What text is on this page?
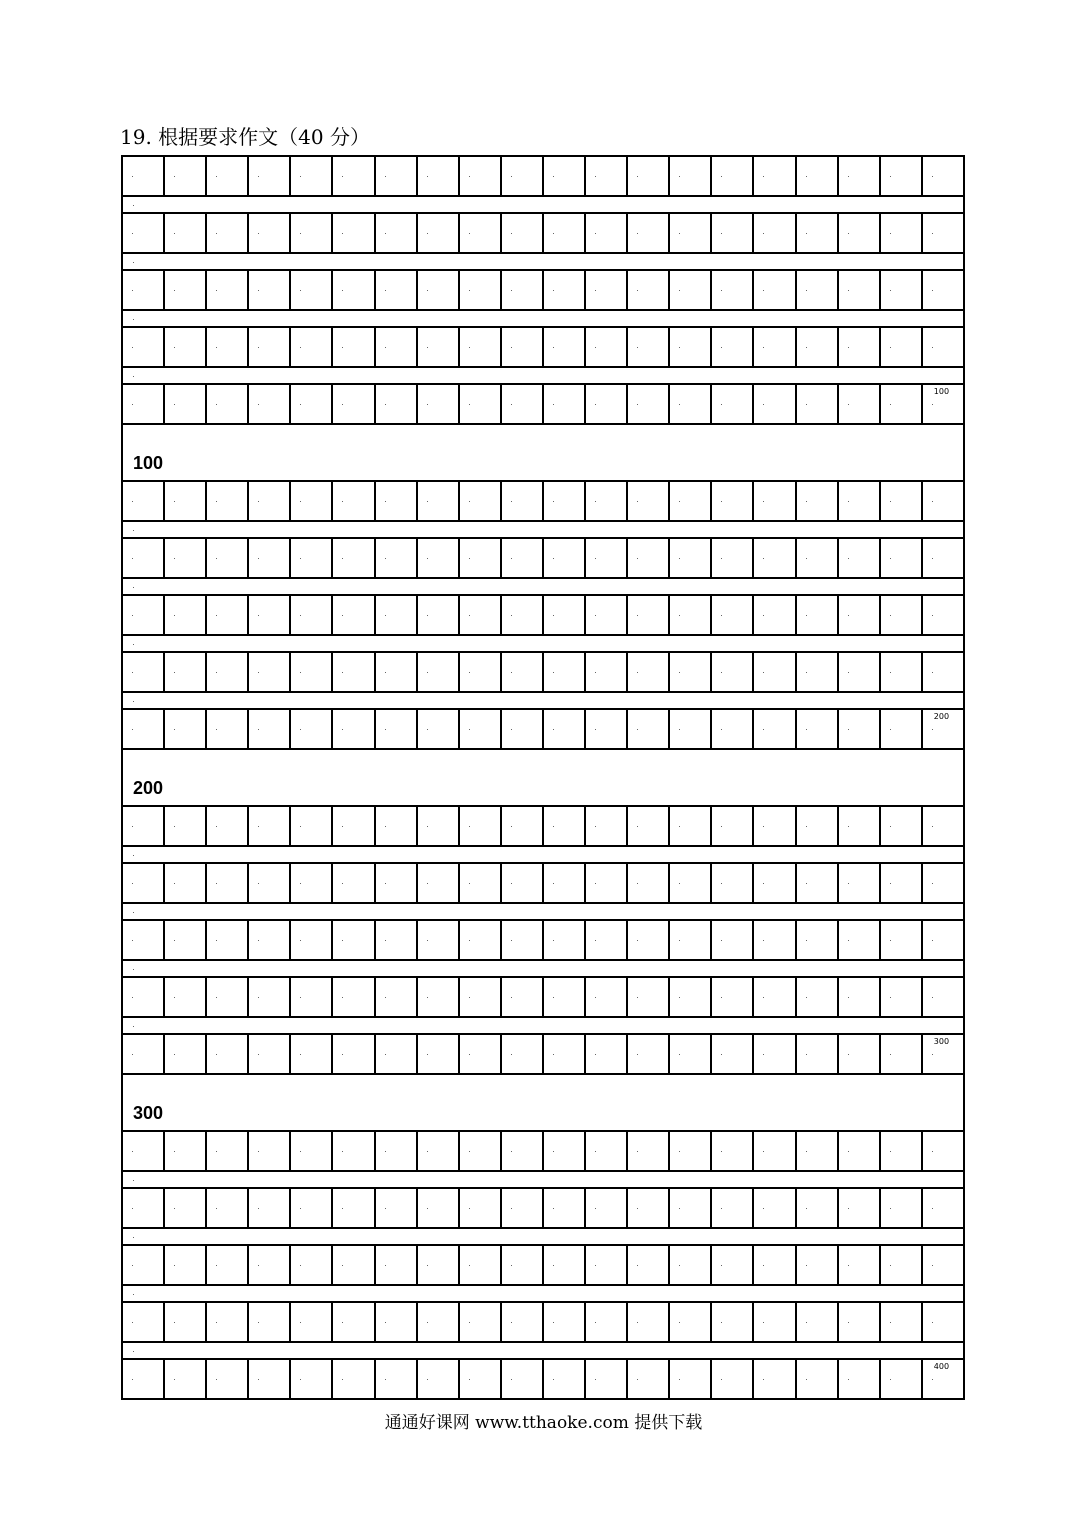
19. 根据要求作文（40 分）
100
100
200
200
300
300
400
通通好课网 www.tthaoke.com 提供下载
